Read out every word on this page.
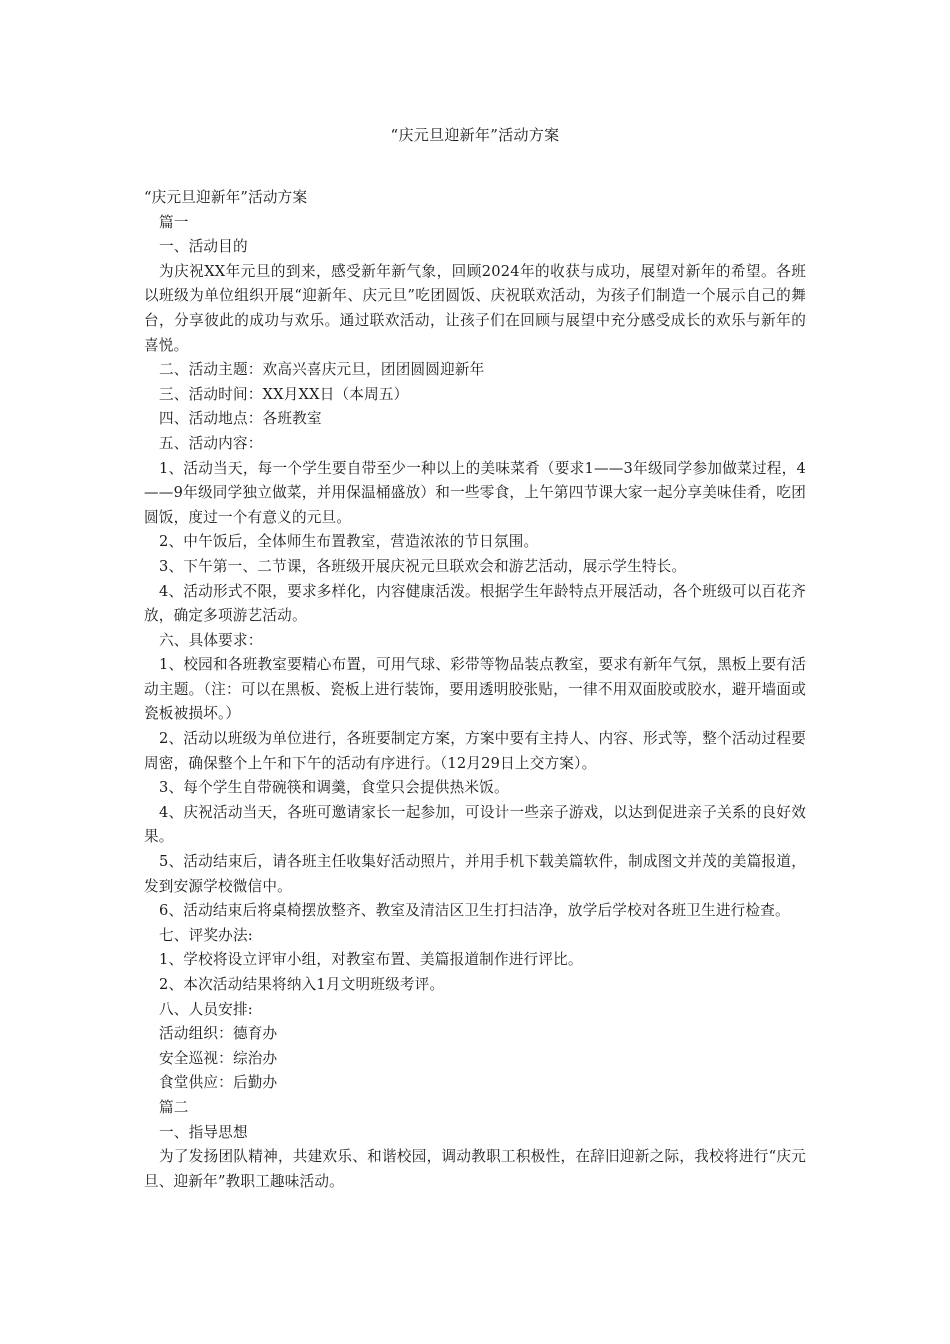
“庆元旦迎新年”活动方案

“庆元旦迎新年”活动方案

篇一

一、活动目的

为庆祝XX年元旦的到来，感受新年新气象，回顾2024年的收获与成功，展望对新年的希望。各班以班级为单位组织开展“迎新年、庆元旦”吃团圆饭、庆祝联欢活动，为孩子们制造一个展示自己的舞台，分享彼此的成功与欢乐。通过联欢活动，让孩子们在回顾与展望中充分感受成长的欢乐与新年的喜悦。

二、活动主题：欢高兴喜庆元旦，团团圆圆迎新年

三、活动时间：XX月XX日（本周五）

四、活动地点：各班教室

五、活动内容：

1、活动当天，每一个学生要自带至少一种以上的美味菜肴（要求1——3年级同学参加做菜过程，4——9年级同学独立做菜，并用保温桶盛放）和一些零食，上午第四节课大家一起分享美味佳肴，吃团圆饭，度过一个有意义的元旦。

2、中午饭后，全体师生布置教室，营造浓浓的节日氛围。

3、下午第一、二节课，各班级开展庆祝元旦联欢会和游艺活动，展示学生特长。

4、活动形式不限，要求多样化，内容健康活泼。根据学生年龄特点开展活动，各个班级可以百花齐放，确定多项游艺活动。

六、具体要求：

1、校园和各班教室要精心布置，可用气球、彩带等物品装点教室，要求有新年气氛，黑板上要有活动主题。（注：可以在黑板、瓷板上进行装饰，要用透明胶张贴，一律不用双面胶或胶水，避开墙面或瓷板被损坏。）

2、活动以班级为单位进行，各班要制定方案，方案中要有主持人、内容、形式等，整个活动过程要周密，确保整个上午和下午的活动有序进行。（12月29日上交方案）。

3、每个学生自带碗筷和调羹，食堂只会提供热米饭。

4、庆祝活动当天，各班可邀请家长一起参加，可设计一些亲子游戏，以达到促进亲子关系的良好效果。

5、活动结束后，请各班主任收集好活动照片，并用手机下载美篇软件，制成图文并茂的美篇报道，发到安源学校微信中。

6、活动结束后将桌椅摆放整齐、教室及清洁区卫生打扫洁净，放学后学校对各班卫生进行检查。

七、评奖办法:

1、学校将设立评审小组，对教室布置、美篇报道制作进行评比。

2、本次活动结果将纳入1月文明班级考评。

八、人员安排:

活动组织：德育办

安全巡视：综治办

食堂供应：后勤办

篇二

一、指导思想

为了发扬团队精神，共建欢乐、和谐校园，调动教职工积极性，在辞旧迎新之际，我校将进行“庆元旦、迎新年”教职工趣味活动。
